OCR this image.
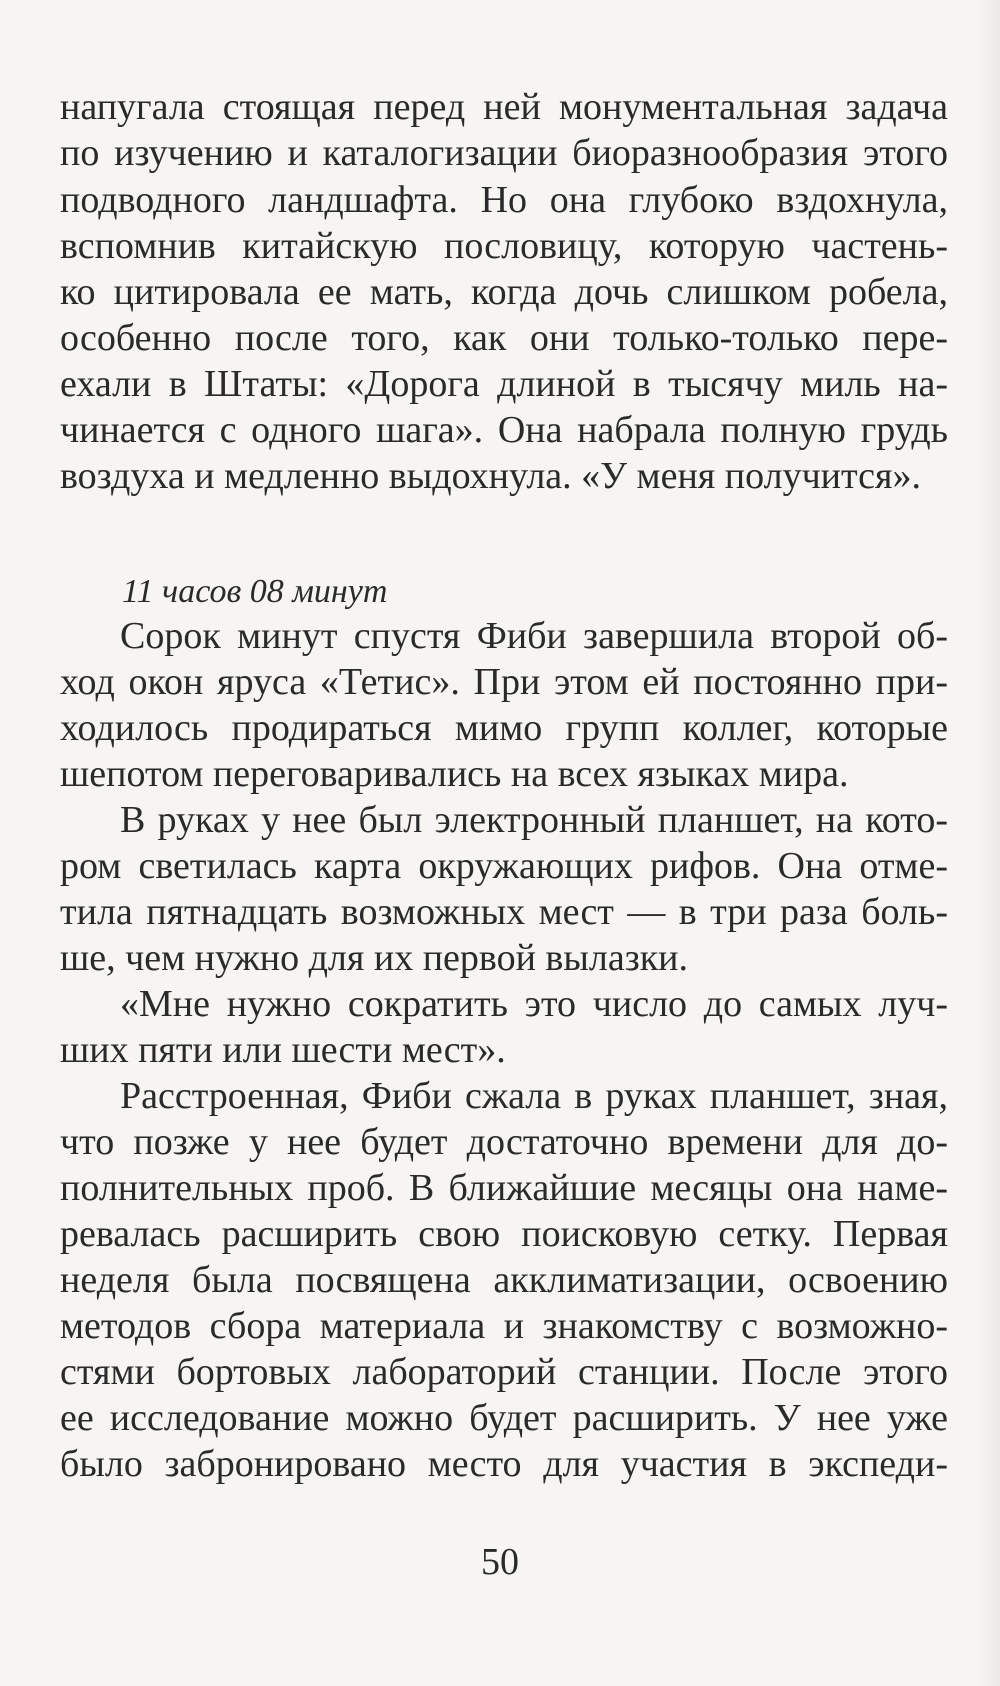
напугала стоящая перед ней монументальная задача
по изучению и каталогизации биоразнообразия этого
подводного ландшафта. Но она глубоко вздохнула,
вспомнив китайскую пословицу, которую частень-
ко цитировала ее мать, когда дочь слишком робела,
особенно после того, как они только-только пере-
ехали в Штаты: «Дорога длиной в тысячу миль на-
чинается с одного шага». Она набрала полную грудь
воздуха и медленно выдохнула. «У меня получится».
11 часов 08 минут
Сорок минут спустя Фиби завершила второй об-
ход окон яруса «Тетис». При этом ей постоянно при-
ходилось продираться мимо групп коллег, которые
шепотом переговаривались на всех языках мира.
В руках у нее был электронный планшет, на кото-
ром светилась карта окружающих рифов. Она отме-
тила пятнадцать возможных мест — в три раза боль-
ше, чем нужно для их первой вылазки.
«Мне нужно сократить это число до самых луч-
ших пяти или шести мест».
Расстроенная, Фиби сжала в руках планшет, зная,
что позже у нее будет достаточно времени для до-
полнительных проб. В ближайшие месяцы она наме-
ревалась расширить свою поисковую сетку. Первая
неделя была посвящена акклиматизации, освоению
методов сбора материала и знакомству с возможно-
стями бортовых лабораторий станции. После этого
ее исследование можно будет расширить. У нее уже
было забронировано место для участия в экспеди-
50
